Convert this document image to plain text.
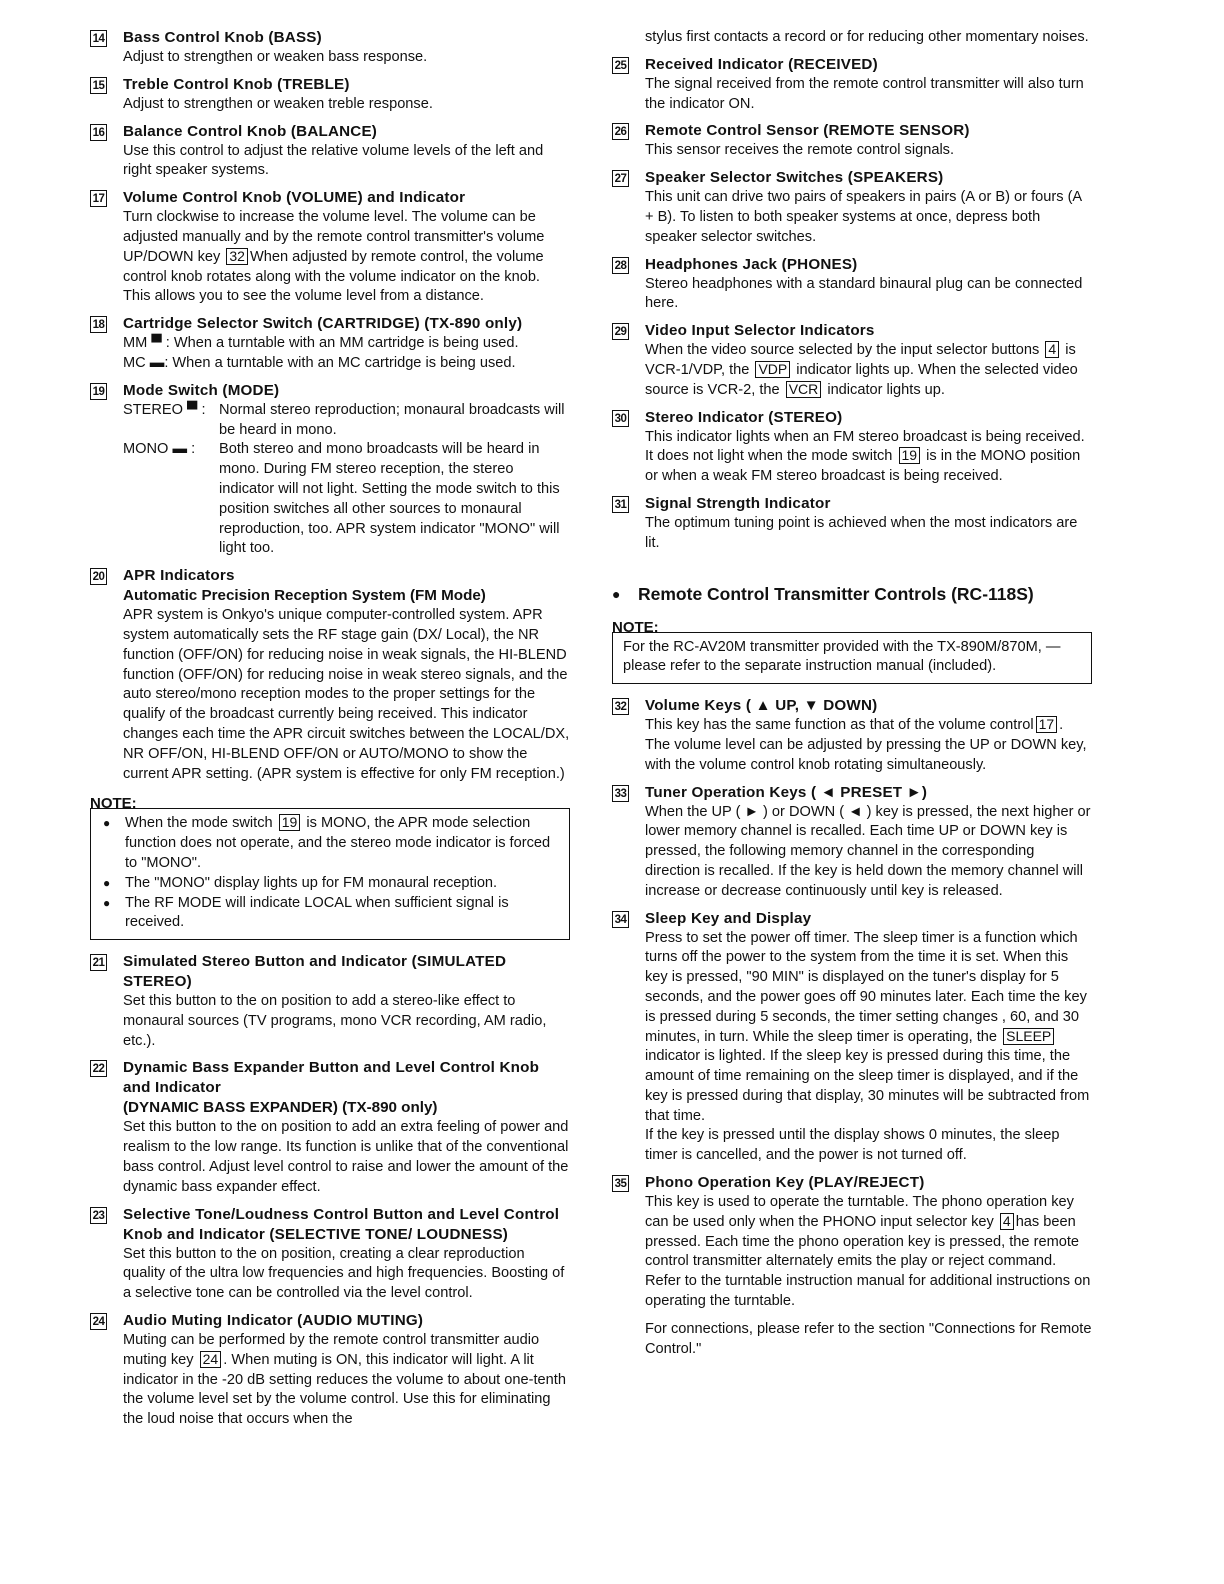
14 Bass Control Knob (BASS)
Adjust to strengthen or weaken bass response.
15 Treble Control Knob (TREBLE)
Adjust to strengthen or weaken treble response.
16 Balance Control Knob (BALANCE)
Use this control to adjust the relative volume levels of the left and right speaker systems.
17 Volume Control Knob (VOLUME) and Indicator
Turn clockwise to increase the volume level. The volume can be adjusted manually and by the remote control transmitter's volume UP/DOWN key 32 When adjusted by remote control, the volume control knob rotates along with the volume indicator on the knob. This allows you to see the volume level from a distance.
18 Cartridge Selector Switch (CARTRIDGE) (TX-890 only)
MM ▀ : When a turntable with an MM cartridge is being used.
MC ▬: When a turntable with an MC cartridge is being used.
19 Mode Switch (MODE)
STEREO ▀ : Normal stereo reproduction; monaural broadcasts will be heard in mono.
MONO ▬ :	Both stereo and mono broadcasts will be heard in mono. During FM stereo reception, the stereo indicator will not light. Setting the mode switch to this position switches all other sources to monaural reproduction, too. APR system indicator "MONO" will light too.
20 APR Indicators
Automatic Precision Reception System (FM Mode)
APR system is Onkyo's unique computer-controlled system. APR system automatically sets the RF stage gain (DX/ Local), the NR function (OFF/ON) for reducing noise in weak signals, the HI-BLEND function (OFF/ON) for reducing noise in weak stereo signals, and the auto stereo/mono reception modes to the proper settings for the qualify of the broadcast currently being received. This indicator changes each time the APR circuit switches between the LOCAL/DX, NR OFF/ON, HI-BLEND OFF/ON or AUTO/MONO to show the current APR setting. (APR system is effective for only FM reception.)
NOTE:
●	When the mode switch 19 is MONO, the APR mode selection function does not operate, and the stereo mode indicator is forced to "MONO".
●	The "MONO" display lights up for FM monaural reception.
●	The RF MODE will indicate LOCAL when sufficient signal is received.
21 Simulated Stereo Button and Indicator (SIMULATED STEREO)
Set this button to the on position to add a stereo-like effect to monaural sources (TV programs, mono VCR recording, AM radio, etc.).
22 Dynamic Bass Expander Button and Level Control Knob and Indicator
(DYNAMIC BASS EXPANDER) (TX-890 only)
Set this button to the on position to add an extra feeling of power and realism to the low range. Its function is unlike that of the conventional bass control. Adjust level control to raise and lower the amount of the dynamic bass expander effect.
23 Selective Tone/Loudness Control Button and Level Control Knob and Indicator (SELECTIVE TONE/ LOUDNESS)
Set this button to the on position, creating a clear reproduction quality of the ultra low frequencies and high frequencies. Boosting of a selective tone can be controlled via the level control.
24 Audio Muting Indicator (AUDIO MUTING)
Muting can be performed by the remote control transmitter audio muting key 24 . When muting is ON, this indicator will light. A lit indicator in the -20 dB setting reduces the volume to about one-tenth the volume level set by the volume control. Use this for eliminating the loud noise that occurs when the
stylus first contacts a record or for reducing other momentary noises.
25 Received Indicator (RECEIVED)
The signal received from the remote control transmitter will also turn the indicator ON.
26 Remote Control Sensor (REMOTE SENSOR)
This sensor receives the remote control signals.
27 Speaker Selector Switches (SPEAKERS)
This unit can drive two pairs of speakers in pairs (A or B) or fours (A + B). To listen to both speaker systems at once, depress both speaker selector switches.
28 Headphones Jack (PHONES)
Stereo headphones with a standard binaural plug can be connected here.
29 Video Input Selector Indicators
When the video source selected by the input selector buttons 4 is VCR-1/VDP, the VDP indicator lights up. When the selected video source is VCR-2, the VCR indicator lights up.
30 Stereo Indicator (STEREO)
This indicator lights when an FM stereo broadcast is being received. It does not light when the mode switch 19 is in the MONO position or when a weak FM stereo broadcast is being received.
31 Signal Strength Indicator
The optimum tuning point is achieved when the most indicators are lit.
●	Remote Control Transmitter Controls (RC-118S)
NOTE:
For the RC-AV20M transmitter provided with the TX-890M/870M, —please refer to the separate instruction manual (included).
32 Volume Keys ( ▲ UP, ▼ DOWN)
This key has the same function as that of the volume control 17 . The volume level can be adjusted by pressing the UP or DOWN key, with the volume control knob rotating simultaneously.
33 Tuner Operation Keys ( ◄ PRESET ►)
When the UP ( ► ) or DOWN ( ◄ ) key is pressed, the next higher or lower memory channel is recalled. Each time UP or DOWN key is pressed, the following memory channel in the corresponding direction is recalled. If the key is held down the memory channel will increase or decrease continuously until key is released.
34 Sleep Key and Display
Press to set the power off timer. The sleep timer is a function which turns off the power to the system from the time it is set. When this key is pressed, "90 MIN" is displayed on the tuner's display for 5 seconds, and the power goes off 90 minutes later. Each time the key is pressed during 5 seconds, the timer setting changes , 60, and 30 minutes, in turn. While the sleep timer is operating, the SLEEP indicator is lighted. If the sleep key is pressed during this time, the amount of time remaining on the sleep timer is displayed, and if the key is pressed during that display, 30 minutes will be subtracted from that time.
If the key is pressed until the display shows 0 minutes, the sleep timer is cancelled, and the power is not turned off.
35 Phono Operation Key (PLAY/REJECT)
This key is used to operate the turntable. The phono operation key can be used only when the PHONO input selector key 4 has been pressed. Each time the phono operation key is pressed, the remote control transmitter alternately emits the play or reject command. Refer to the turntable instruction manual for additional instructions on operating the turntable.
For connections, please refer to the section "Connections for Remote Control."
